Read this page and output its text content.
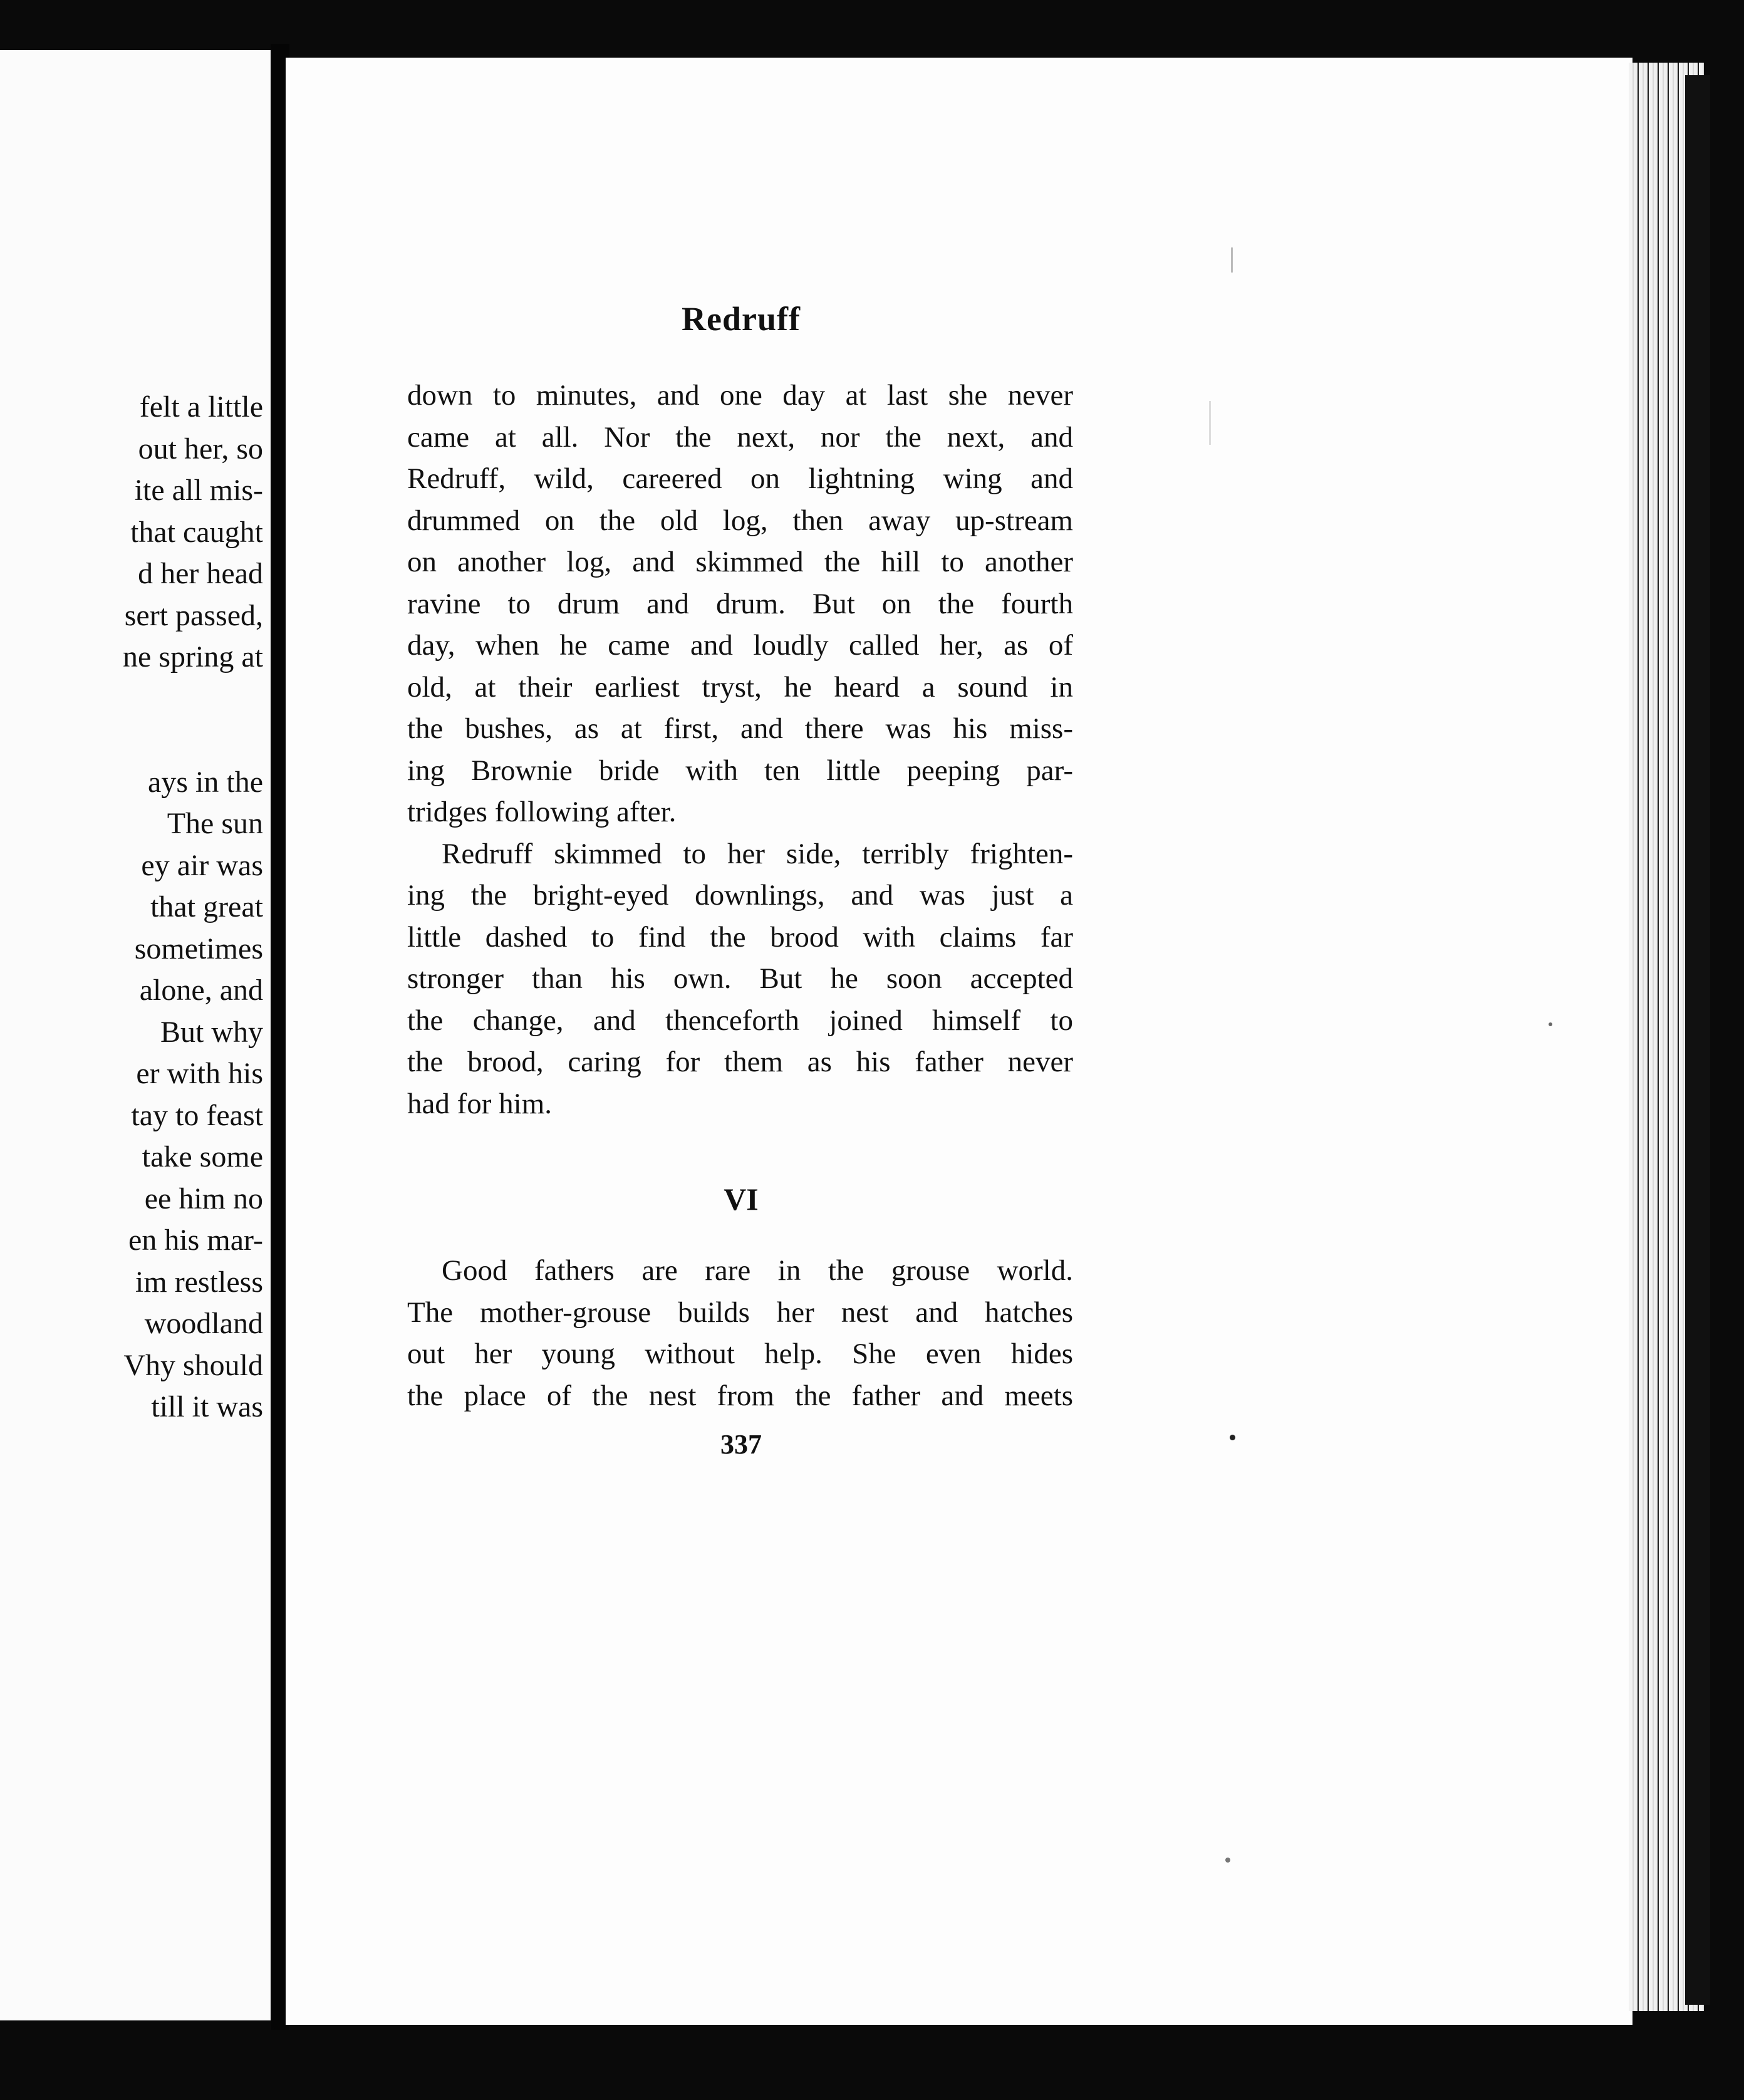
felt a little
out her, so
ite all mis-
that caught
d her head
sert passed,
ne spring at
ays in the
The sun
ey air was
that great
sometimes
alone, and
But why
er with his
tay to feast
take some
ee him no
en his mar-
im restless
woodland
Vhy should
till it was
Redruff
down to minutes, and one day at last she never
came at all. Nor the next, nor the next, and
Redruff, wild, careered on lightning wing and
drummed on the old log, then away up-stream
on another log, and skimmed the hill to another
ravine to drum and drum. But on the fourth
day, when he came and loudly called her, as of
old, at their earliest tryst, he heard a sound in
the bushes, as at first, and there was his miss-
ing Brownie bride with ten little peeping par-
tridges following after.
Redruff skimmed to her side, terribly frighten-
ing the bright-eyed downlings, and was just a
little dashed to find the brood with claims far
stronger than his own. But he soon accepted
the change, and thenceforth joined himself to
the brood, caring for them as his father never
had for him.
Good fathers are rare in the grouse world.
The mother-grouse builds her nest and hatches
out her young without help. She even hides
the place of the nest from the father and meets
VI
337
